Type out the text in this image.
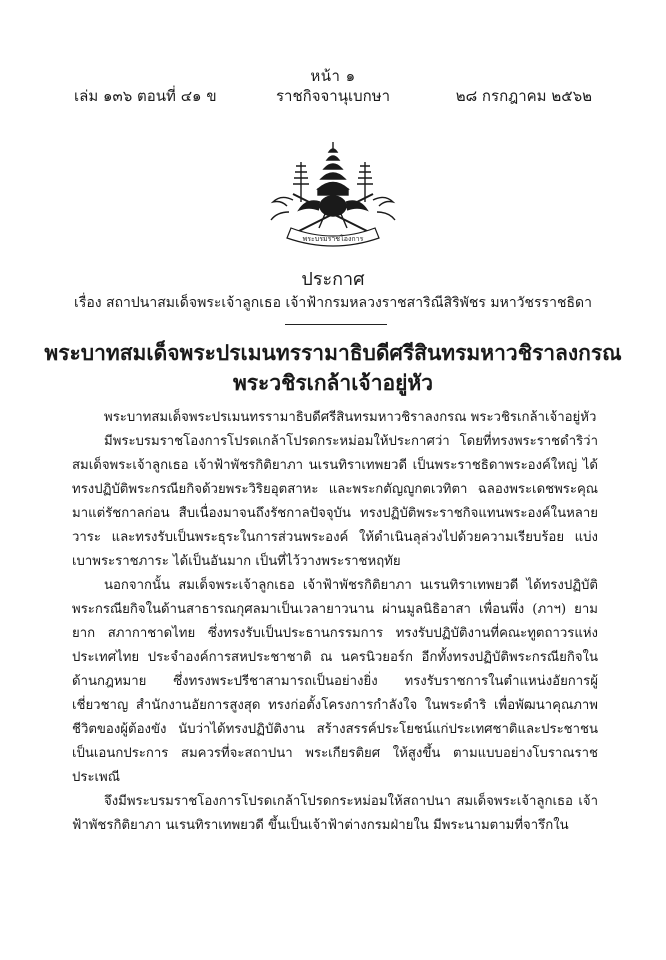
หน้า ๑
ราชกิจจานุเบกษา
เล่ม ๑๓๖ ตอนที่ ๔๑ ข	๒๘ กรกฎาคม ๒๕๖๒
พระบรมราชโองการ
ประกาศ
เรื่อง สถาปนาสมเด็จพระเจ้าลูกเธอ เจ้าฟ้ากรมหลวงราชสาริณีสิริพัชร มหาวัชรราชธิดา
พระบาทสมเด็จพระปรเมนทรรามาธิบดีศรีสินทรมหาวชิราลงกรณ
พระวชิรเกล้าเจ้าอยู่หัว

พระบาทสมเด็จพระปรเมนทรรามาธิบดีศรีสินทรมหาวชิราลงกรณ พระวชิรเกล้าเจ้าอยู่หัว

มีพระบรมราชโองการโปรดเกล้าโปรดกระหม่อมให้ประกาศว่า โดยที่ทรงพระราชดำริว่า สมเด็จพระเจ้าลูกเธอ เจ้าฟ้าพัชรกิติยาภา นเรนทิราเทพยวดี เป็นพระราชธิดาพระองค์ใหญ่ ได้ทรงปฏิบัติพระกรณียกิจด้วยพระวิริยอุตสาหะ และพระกตัญญูกตเวทิตา ฉลองพระเดชพระคุณ มาแต่รัชกาลก่อน สืบเนื่องมาจนถึงรัชกาลปัจจุบัน ทรงปฏิบัติพระราชกิจแทนพระองค์ในหลายวาระ และทรงรับเป็นพระธุระในการส่วนพระองค์ ให้ดำเนินลุล่วงไปด้วยความเรียบร้อย แบ่งเบาพระราชภาระ ได้เป็นอันมาก เป็นที่ไว้วางพระราชหฤทัย

นอกจากนั้น สมเด็จพระเจ้าลูกเธอ เจ้าฟ้าพัชรกิติยาภา นเรนทิราเทพยวดี ได้ทรงปฏิบัติ พระกรณียกิจในด้านสาธารณกุศลมาเป็นเวลายาวนาน ผ่านมูลนิธิอาสา เพื่อนพึ่ง (ภาฯ) ยามยาก สภากาชาดไทย ซึ่งทรงรับเป็นประธานกรรมการ ทรงรับปฏิบัติงานที่คณะทูตถาวรแห่งประเทศไทย ประจำองค์การสหประชาชาติ ณ นครนิวยอร์ก อีกทั้งทรงปฏิบัติพระกรณียกิจในด้านกฎหมาย ซึ่งทรงพระปรีชาสามารถเป็นอย่างยิ่ง ทรงรับราชการในตำแหน่งอัยการผู้เชี่ยวชาญ สำนักงานอัยการสูงสุด ทรงก่อตั้งโครงการกำลังใจ ในพระดำริ เพื่อพัฒนาคุณภาพชีวิตของผู้ต้องขัง นับว่าได้ทรงปฏิบัติงาน สร้างสรรค์ประโยชน์แก่ประเทศชาติและประชาชนเป็นเอนกประการ สมควรที่จะสถาปนา พระเกียรติยศ ให้สูงขึ้น ตามแบบอย่างโบราณราชประเพณี

จึงมีพระบรมราชโองการโปรดเกล้าโปรดกระหม่อมให้สถาปนา สมเด็จพระเจ้าลูกเธอ เจ้าฟ้าพัชรกิติยาภา นเรนทิราเทพยวดี ขึ้นเป็นเจ้าฟ้าต่างกรมฝ่ายใน มีพระนามตามที่จารึกใน
